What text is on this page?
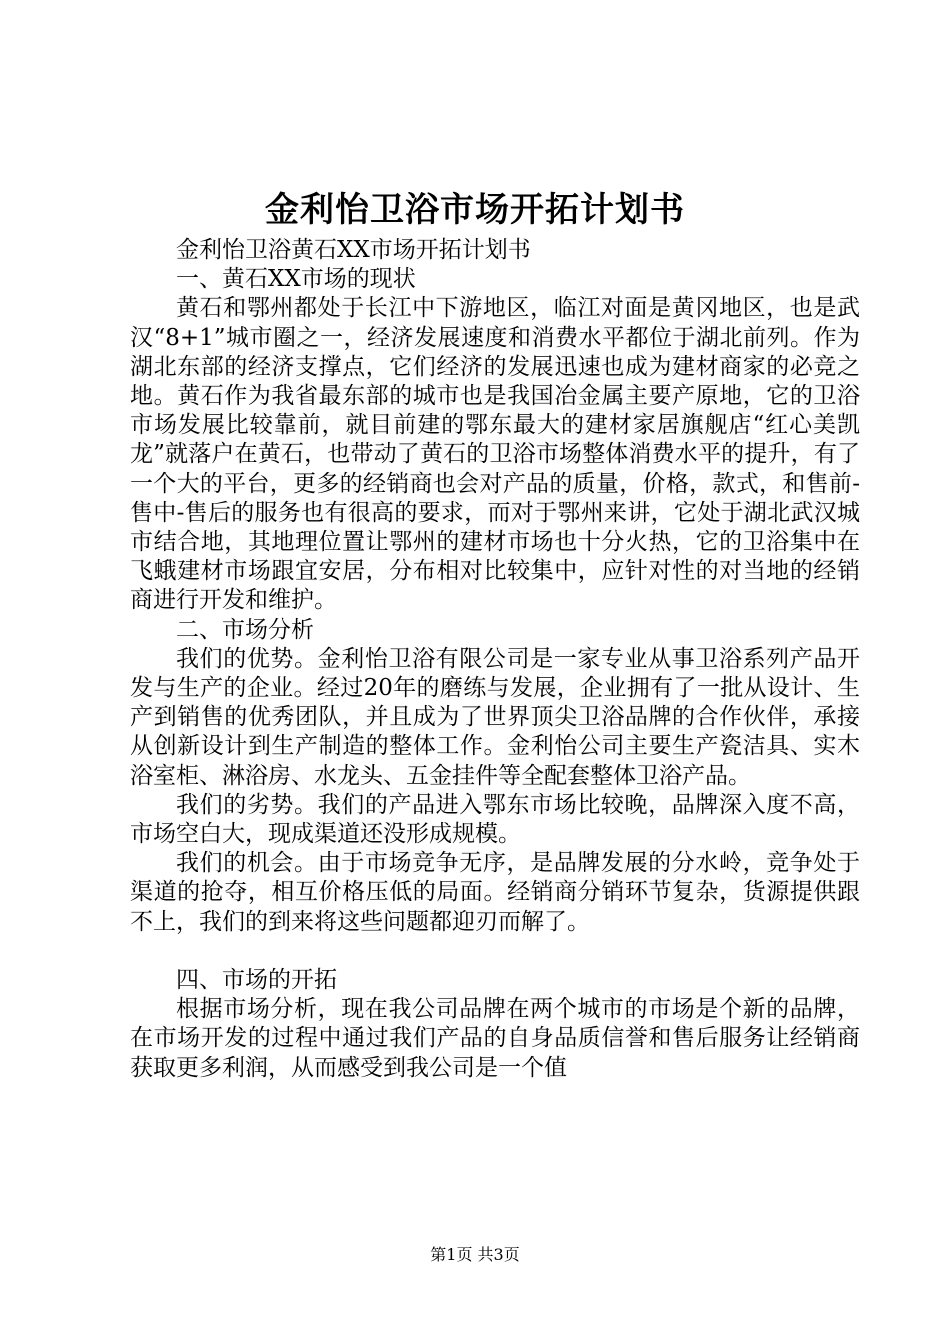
金利怡卫浴市场开拓计划书

金利怡卫浴黄石XX市场开拓计划书

一、黄石XX市场的现状

黄石和鄂州都处于长江中下游地区，临江对面是黄冈地区，也是武汉“8+1”城市圈之一，经济发展速度和消费水平都位于湖北前列。作为湖北东部的经济支撑点，它们经济的发展迅速也成为建材商家的必竞之地。黄石作为我省最东部的城市也是我国冶金属主要产原地，它的卫浴市场发展比较靠前，就目前建的鄂东最大的建材家居旗舰店“红心美凯龙”就落户在黄石，也带动了黄石的卫浴市场整体消费水平的提升，有了一个大的平台，更多的经销商也会对产品的质量，价格，款式，和售前-售中-售后的服务也有很高的要求，而对于鄂州来讲，它处于湖北武汉城市结合地，其地理位置让鄂州的建材市场也十分火热，它的卫浴集中在飞蛾建材市场跟宜安居，分布相对比较集中，应针对性的对当地的经销商进行开发和维护。

二、市场分析

我们的优势。金利怡卫浴有限公司是一家专业从事卫浴系列产品开发与生产的企业。经过20年的磨练与发展，企业拥有了一批从设计、生产到销售的优秀团队，并且成为了世界顶尖卫浴品牌的合作伙伴，承接从创新设计到生产制造的整体工作。金利怡公司主要生产瓷洁具、实木浴室柜、淋浴房、水龙头、五金挂件等全配套整体卫浴产品。

我们的劣势。我们的产品进入鄂东市场比较晚，品牌深入度不高，市场空白大，现成渠道还没形成规模。

我们的机会。由于市场竞争无序，是品牌发展的分水岭，竞争处于渠道的抢夺，相互价格压低的局面。经销商分销环节复杂，货源提供跟不上，我们的到来将这些问题都迎刃而解了。

四、市场的开拓

根据市场分析，现在我公司品牌在两个城市的市场是个新的品牌，在市场开发的过程中通过我们产品的自身品质信誉和售后服务让经销商获取更多利润，从而感受到我公司是一个值

第1页 共3页
